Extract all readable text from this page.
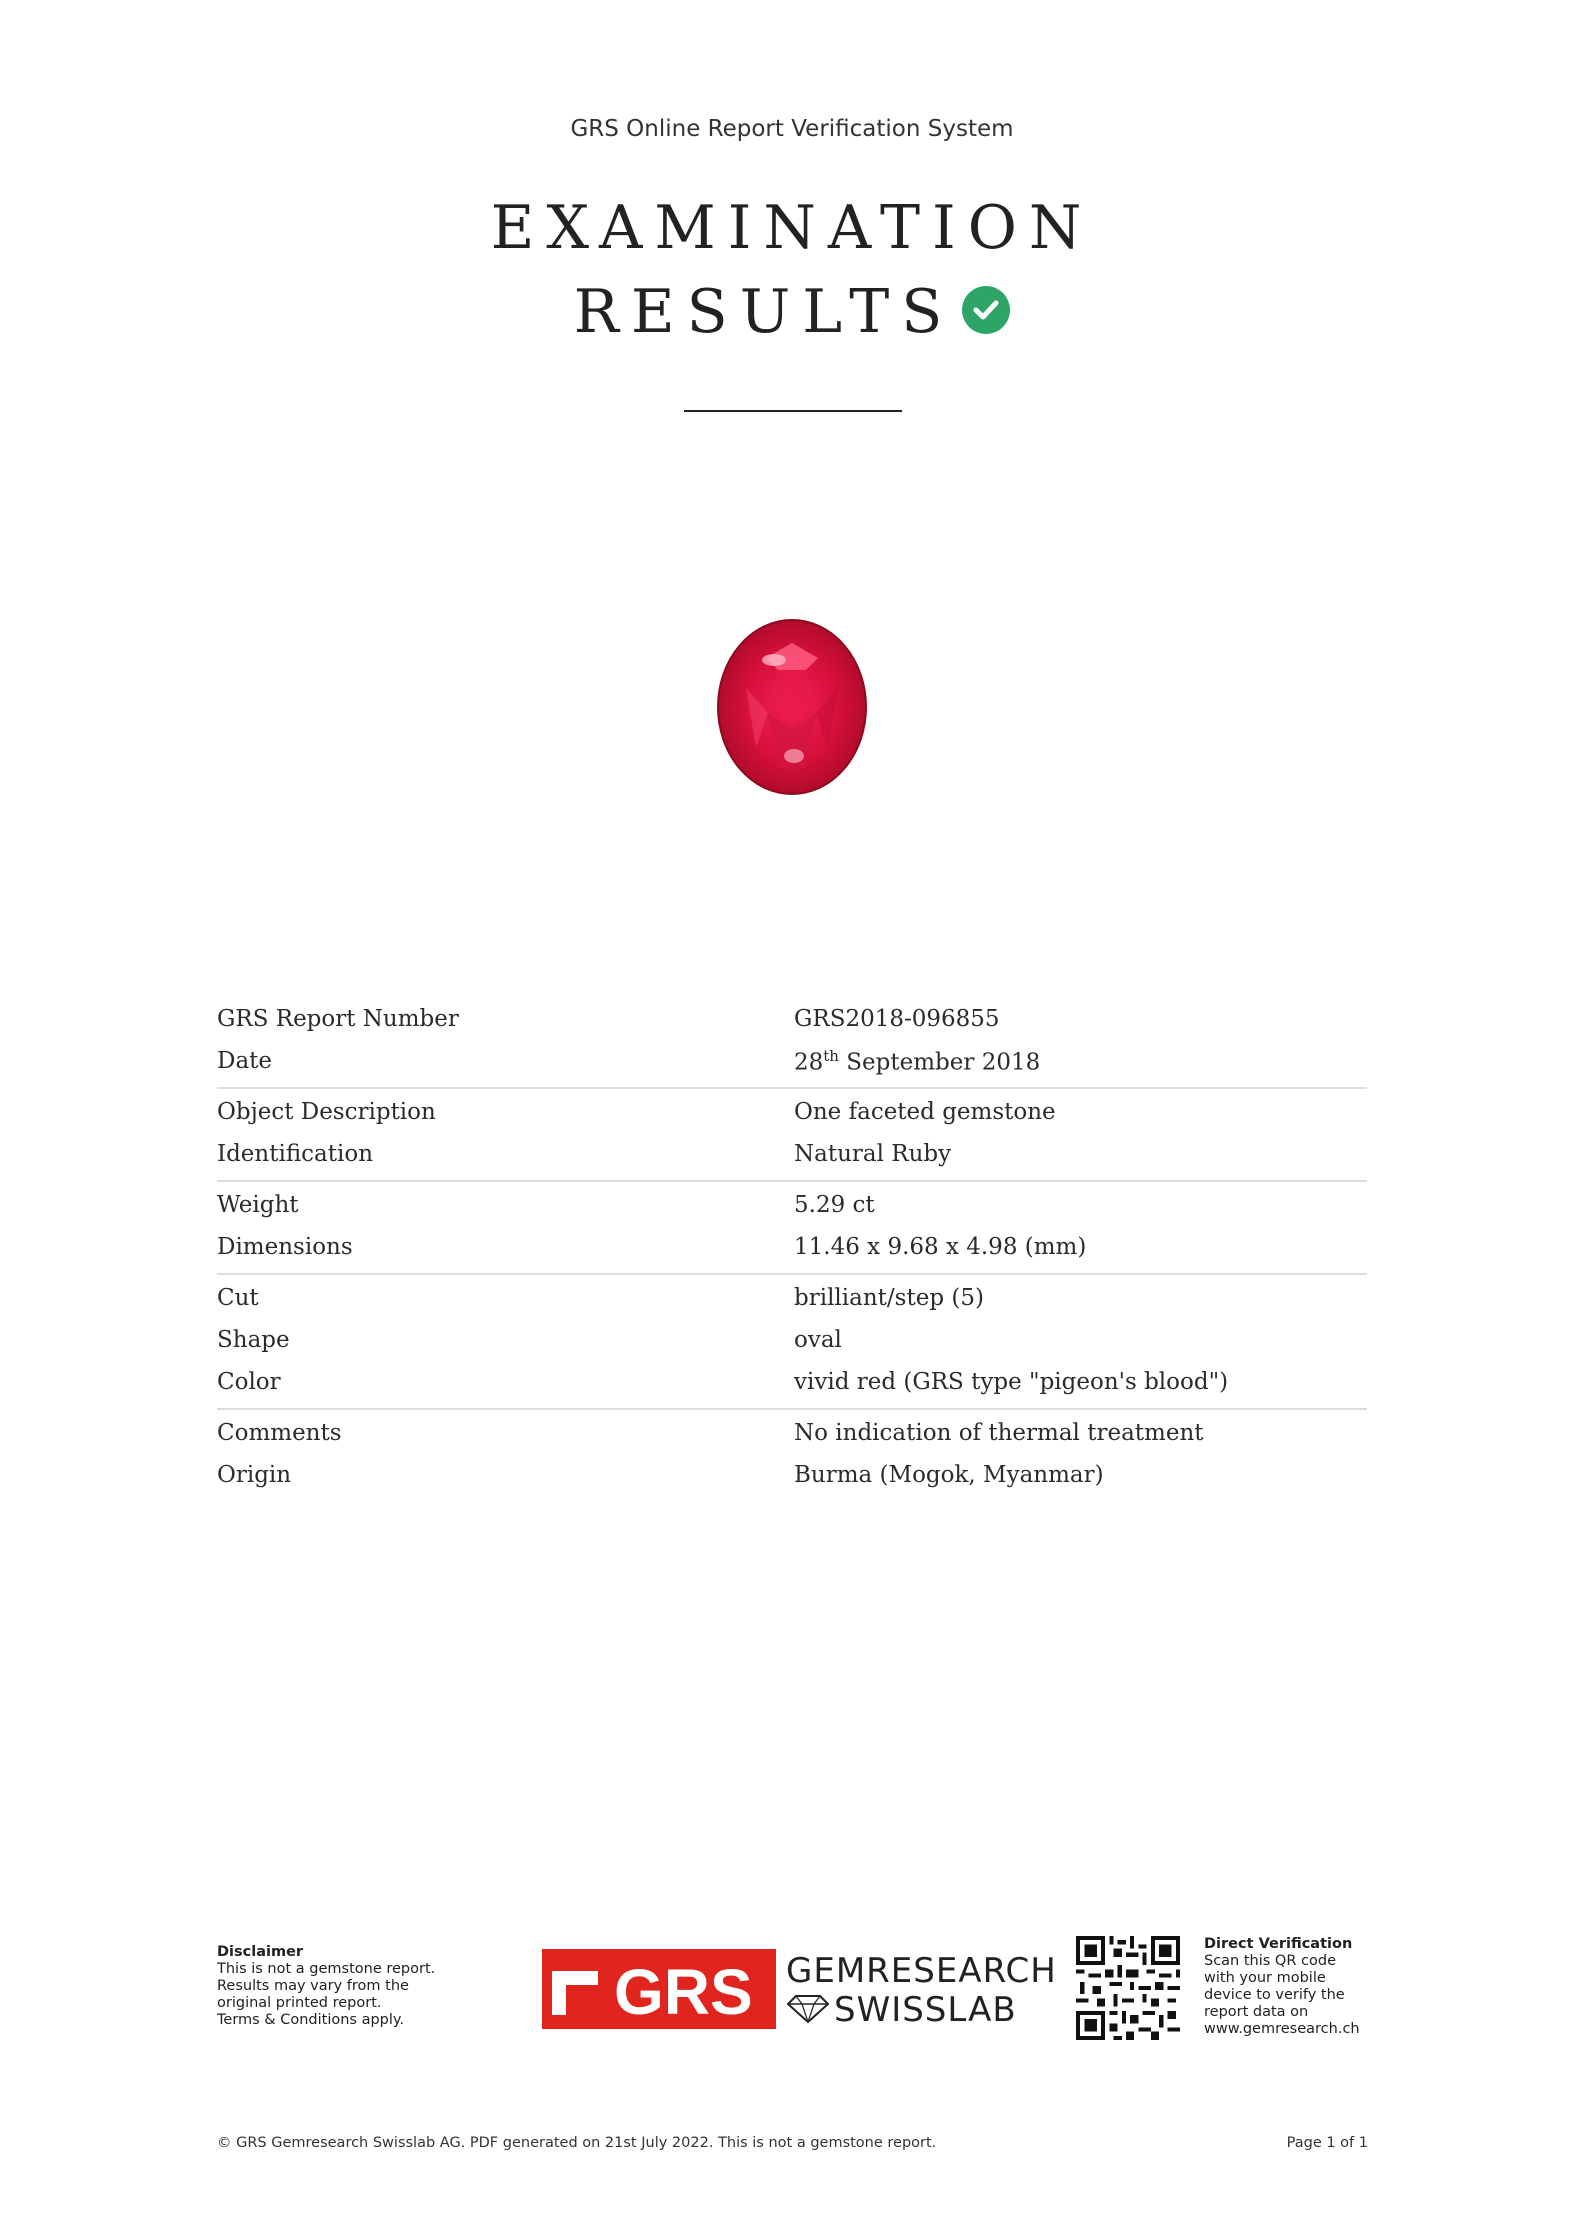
GRS Online Report Verification System
EXAMINATION
RESULTS
GRS Report Number	GRS2018-096855
Date	28th September 2018
Object Description	One faceted gemstone
Identification	Natural Ruby
Weight	5.29 ct
Dimensions	11.46 x 9.68 x 4.98 (mm)
Cut	brilliant/step (5)
Shape	oval
Color	vivid red (GRS type "pigeon's blood")
Comments	No indication of thermal treatment
Origin	Burma (Mogok, Myanmar)
Disclaimer
This is not a gemstone report.
Results may vary from the
original printed report.
Terms & Conditions apply.	GRS GEMRESEARCH
SWISSLAB
Direct Verification
Scan this QR code
with your mobile
device to verify the
report data on
www.gemresearch.ch
© GRS Gemresearch Swisslab AG. PDF generated on 21st July 2022. This is not a gemstone report.	Page 1 of 1
